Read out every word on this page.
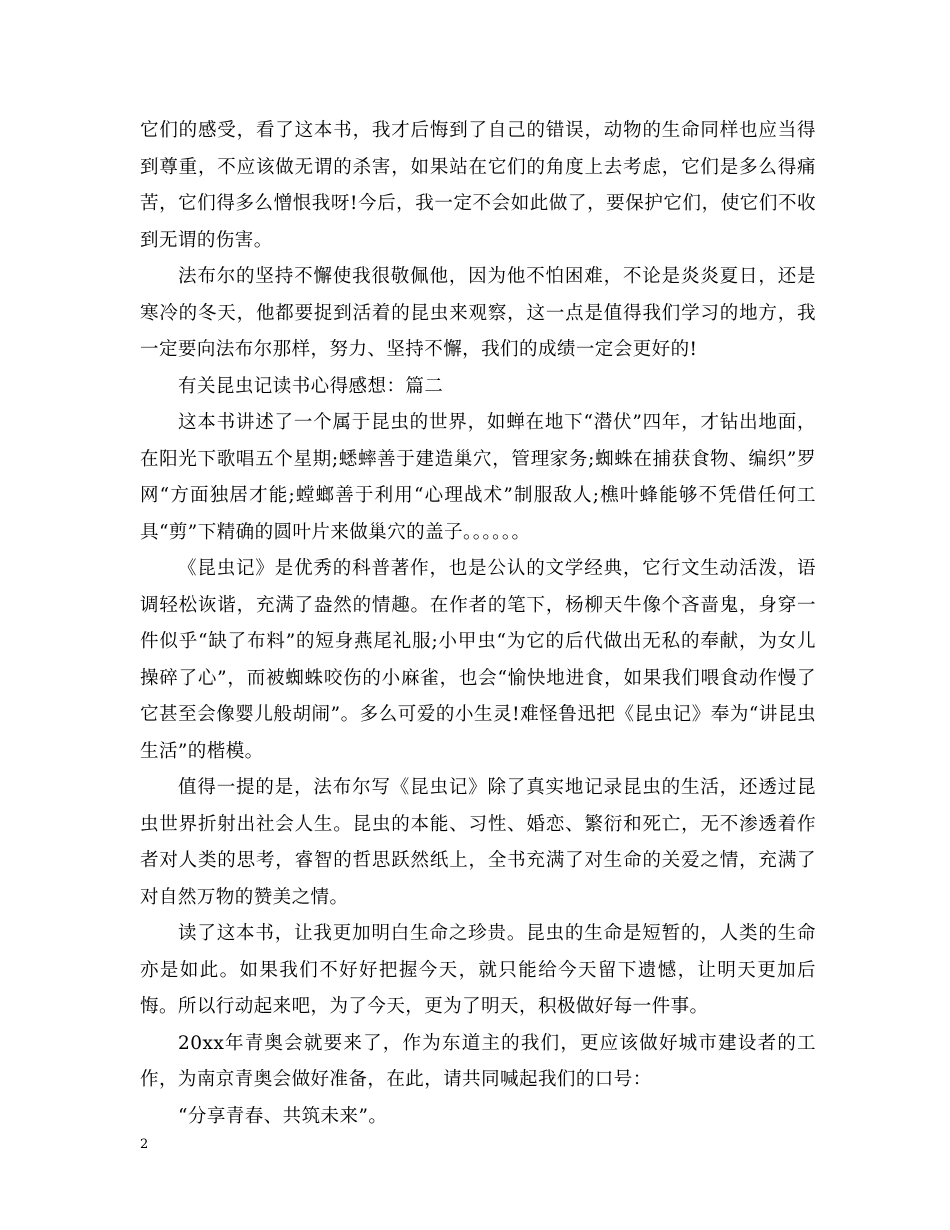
它们的感受，看了这本书，我才后悔到了自己的错误，动物的生命同样也应当得到尊重，不应该做无谓的杀害，如果站在它们的角度上去考虑，它们是多么得痛苦，它们得多么憎恨我呀!今后，我一定不会如此做了，要保护它们，使它们不收到无谓的伤害。

法布尔的坚持不懈使我很敬佩他，因为他不怕困难，不论是炎炎夏日，还是寒冷的冬天，他都要捉到活着的昆虫来观察，这一点是值得我们学习的地方，我一定要向法布尔那样，努力、坚持不懈，我们的成绩一定会更好的!

有关昆虫记读书心得感想：篇二

这本书讲述了一个属于昆虫的世界，如蝉在地下“潜伏”四年，才钻出地面，在阳光下歌唱五个星期;蟋蟀善于建造巢穴，管理家务;蜘蛛在捕获食物、编织”罗网“方面独居才能;螳螂善于利用“心理战术”制服敌人;樵叶蜂能够不凭借任何工具“剪”下精确的圆叶片来做巢穴的盖子。。。。。。

《昆虫记》是优秀的科普著作，也是公认的文学经典，它行文生动活泼，语调轻松诙谐，充满了盎然的情趣。在作者的笔下，杨柳天牛像个吝啬鬼，身穿一件似乎“缺了布料”的短身燕尾礼服;小甲虫“为它的后代做出无私的奉献，为女儿操碎了心”，而被蜘蛛咬伤的小麻雀，也会“愉快地进食，如果我们喂食动作慢了它甚至会像婴儿般胡闹”。多么可爱的小生灵!难怪鲁迅把《昆虫记》奉为“讲昆虫生活”的楷模。

值得一提的是，法布尔写《昆虫记》除了真实地记录昆虫的生活，还透过昆虫世界折射出社会人生。昆虫的本能、习性、婚恋、繁衍和死亡，无不渗透着作者对人类的思考，睿智的哲思跃然纸上，全书充满了对生命的关爱之情，充满了对自然万物的赞美之情。

读了这本书，让我更加明白生命之珍贵。昆虫的生命是短暂的，人类的生命亦是如此。如果我们不好好把握今天，就只能给今天留下遗憾，让明天更加后悔。所以行动起来吧，为了今天，更为了明天，积极做好每一件事。

20xx年青奥会就要来了，作为东道主的我们，更应该做好城市建设者的工作，为南京青奥会做好准备，在此，请共同喊起我们的口号：

“分享青春、共筑未来”。

2
